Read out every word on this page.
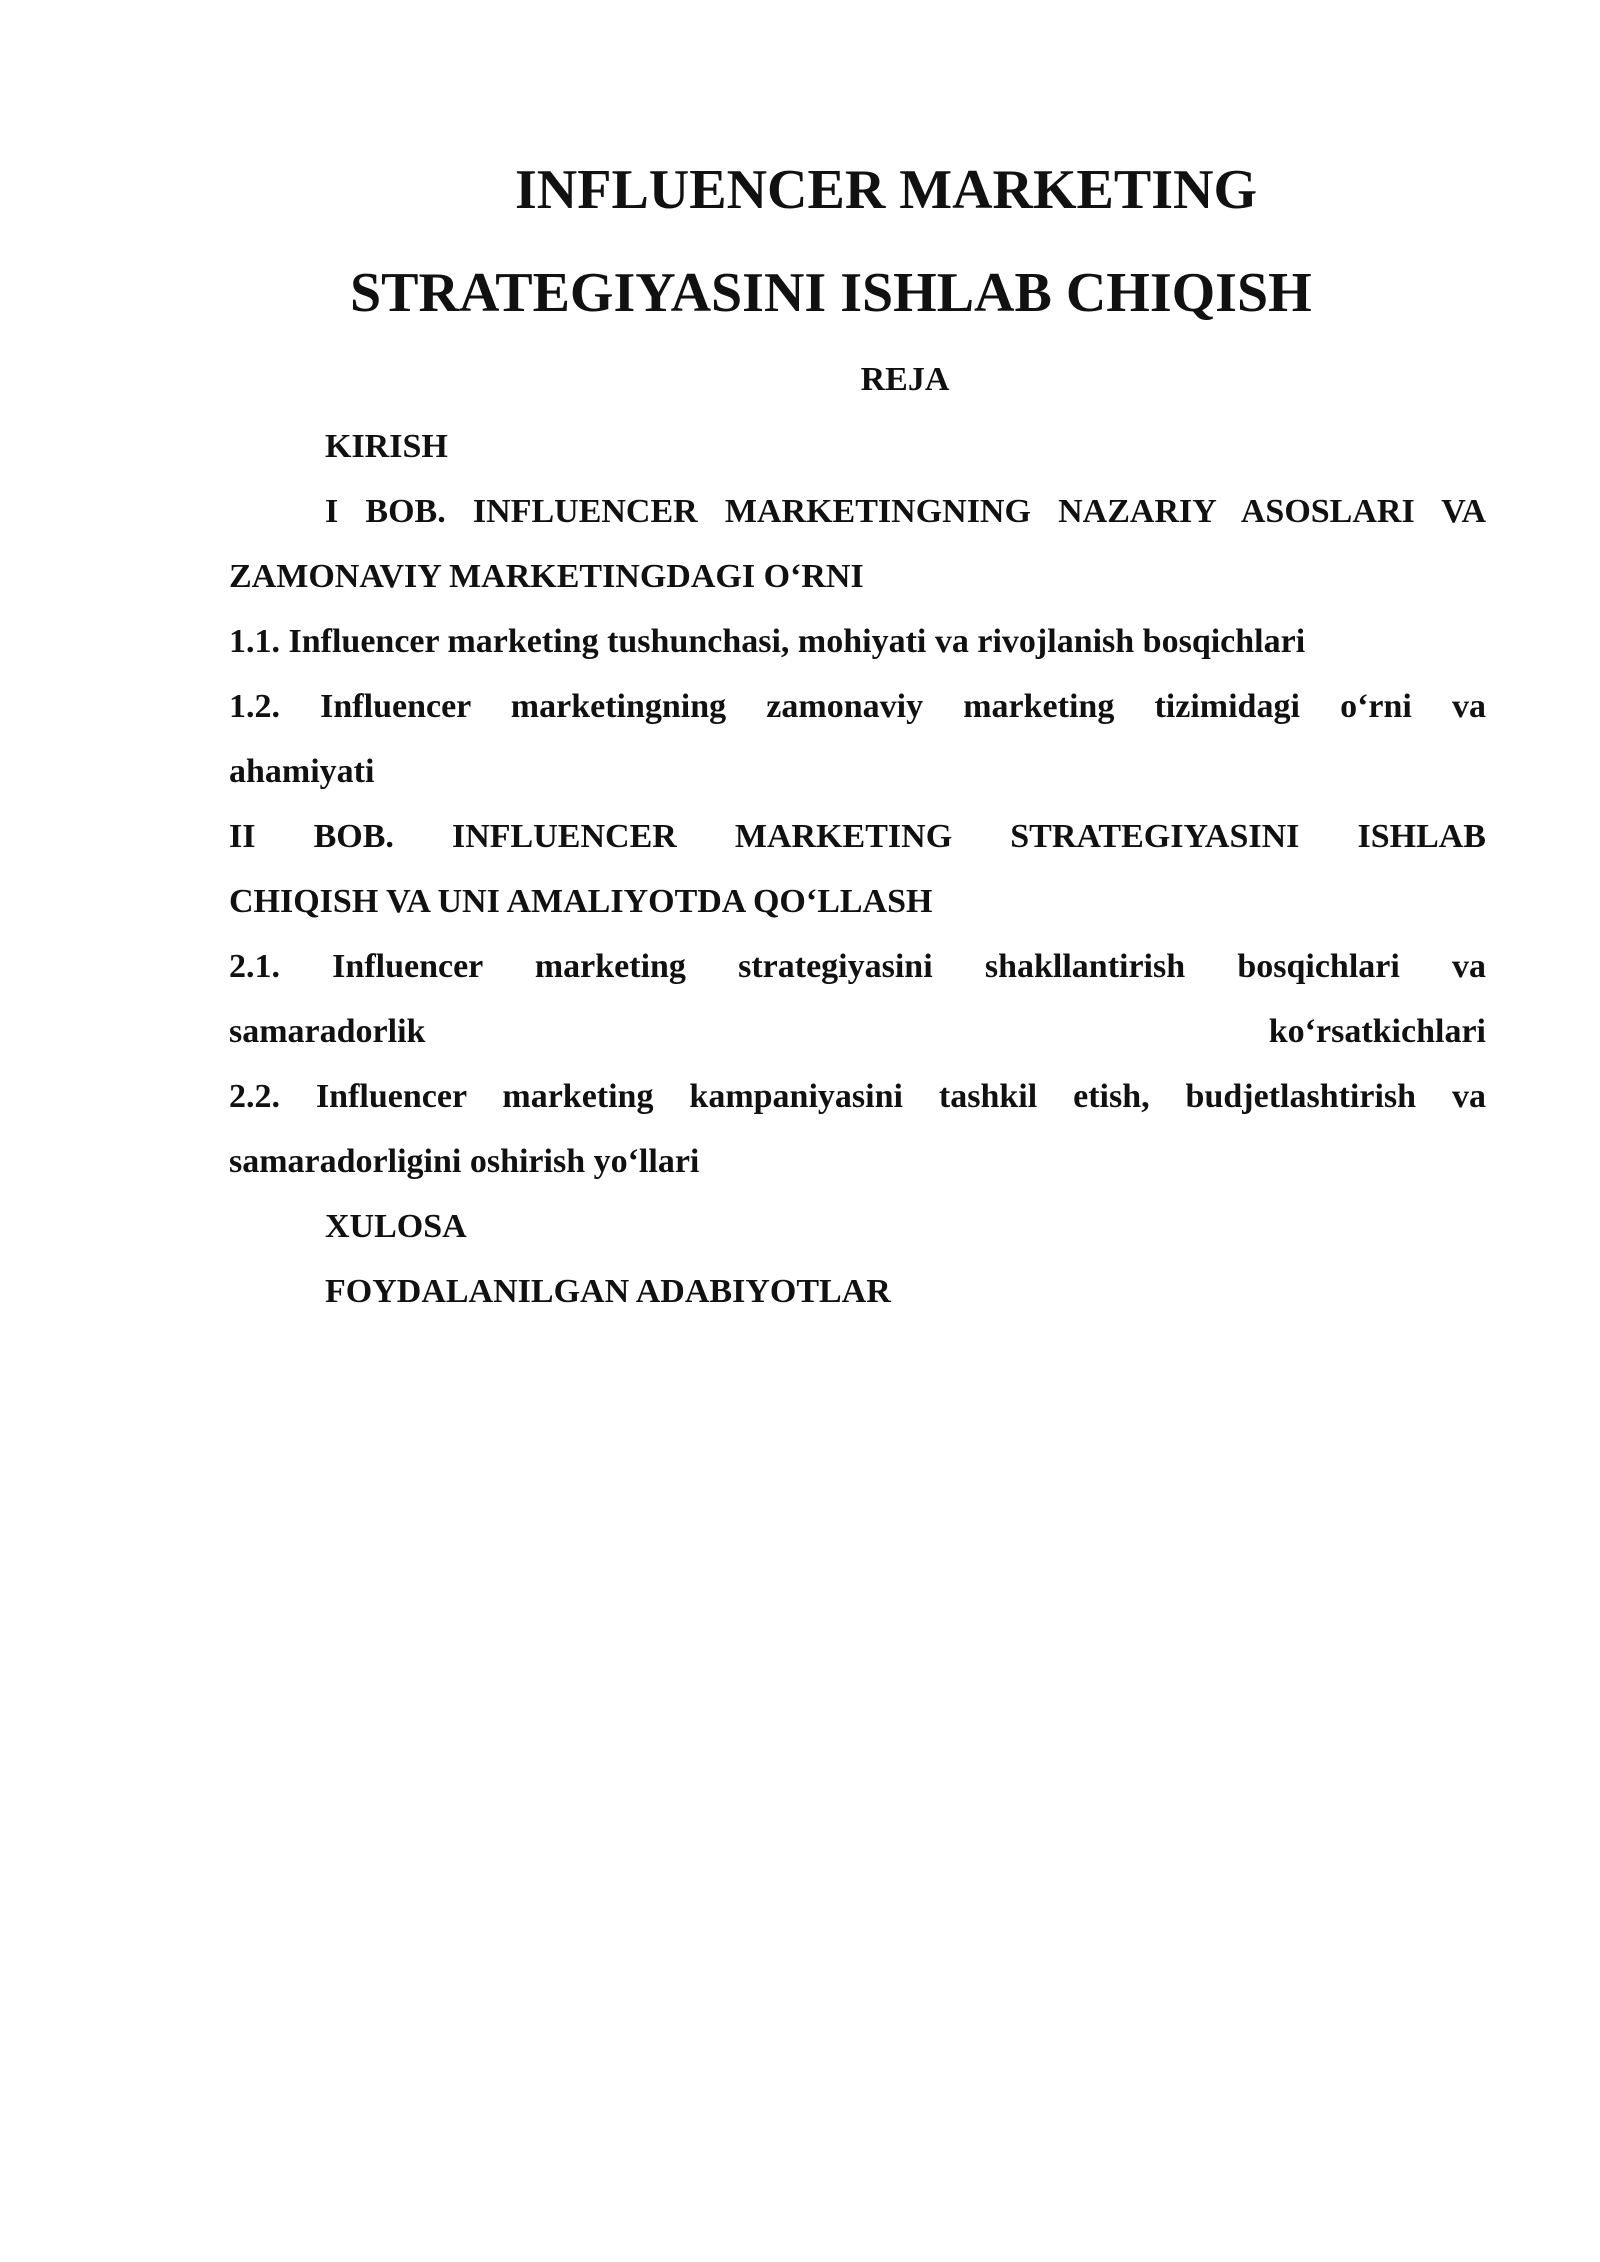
INFLUENCER MARKETING
STRATEGIYASINI ISHLAB CHIQISH
REJA
KIRISH
I BOB. INFLUENCER MARKETINGNING NAZARIY ASOSLARI VA
ZAMONAVIY MARKETINGDAGI O‘RNI
1.1. Influencer marketing tushunchasi, mohiyati va rivojlanish bosqichlari
1.2. Influencer marketingning zamonaviy marketing tizimidagi o‘rni va
ahamiyati
II BOB. INFLUENCER MARKETING STRATEGIYASINI ISHLAB
CHIQISH VA UNI AMALIYOTDA QO‘LLASH
2.1. Influencer marketing strategiyasini shakllantirish bosqichlari va
samaradorlik ko‘rsatkichlari
2.2. Influencer marketing kampaniyasini tashkil etish, budjetlashtirish va
samaradorligini oshirish yo‘llari
XULOSA
FOYDALANILGAN ADABIYOTLAR
